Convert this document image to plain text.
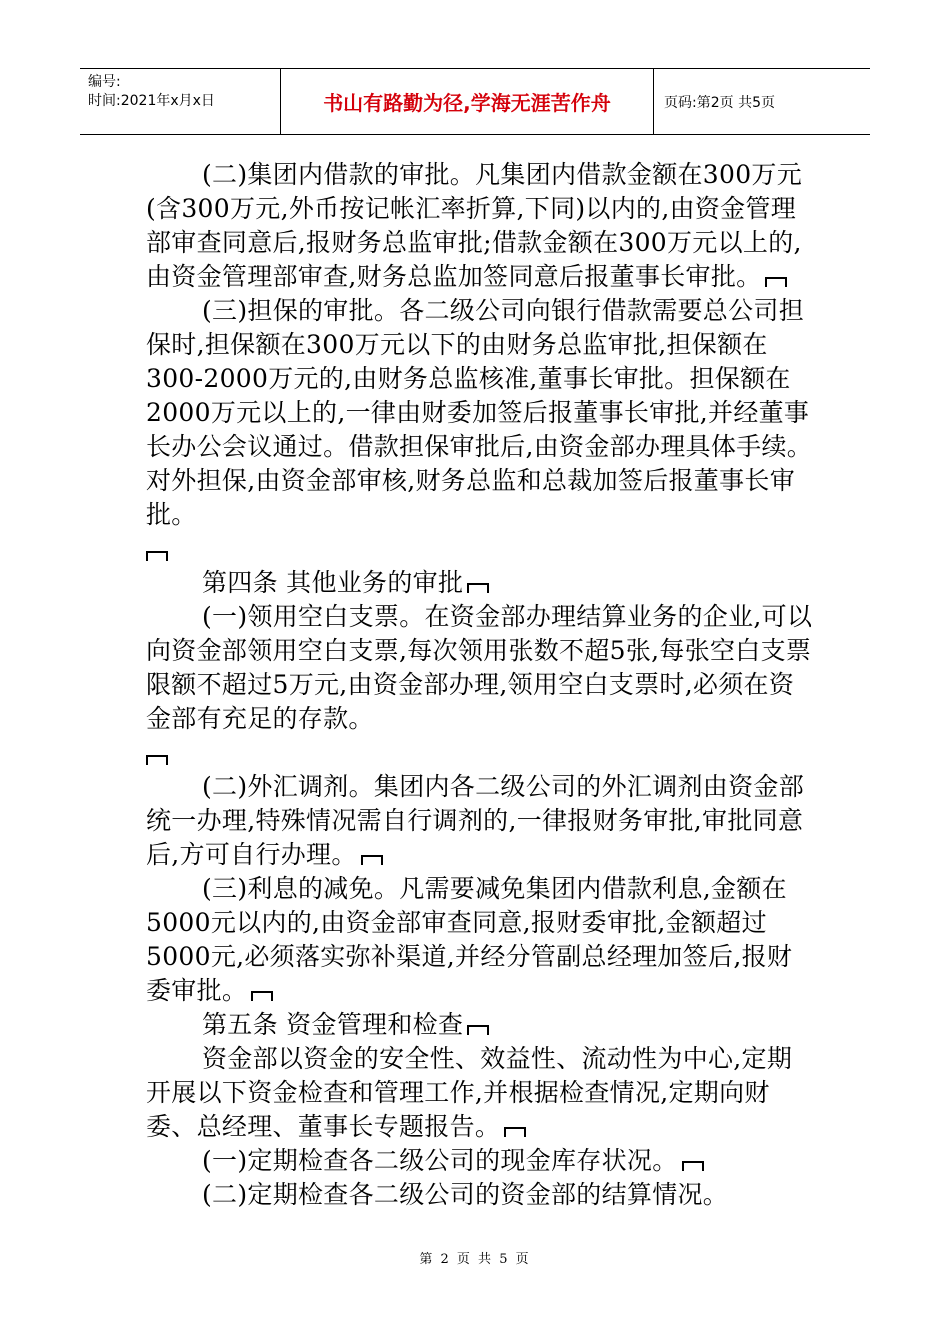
编号:
时间:2021年x月x日	书山有路勤为径,学海无涯苦作舟	页码:第2页 共5页

(二)集团内借款的审批。凡集团内借款金额在300万元(含300万元,外币按记帐汇率折算,下同)以内的,由资金管理部审查同意后,报财务总监审批;借款金额在300万元以上的,由资金管理部审查,财务总监加签同意后报董事长审批。

(三)担保的审批。各二级公司向银行借款需要总公司担保时,担保额在300万元以下的由财务总监审批,担保额在300-2000万元的,由财务总监核准,董事长审批。担保额在2000万元以上的,一律由财委加签后报董事长审批,并经董事长办公会议通过。借款担保审批后,由资金部办理具体手续。对外担保,由资金部审核,财务总监和总裁加签后报董事长审批。

第四条 其他业务的审批

(一)领用空白支票。在资金部办理结算业务的企业,可以向资金部领用空白支票,每次领用张数不超5张,每张空白支票限额不超过5万元,由资金部办理,领用空白支票时,必须在资金部有充足的存款。

(二)外汇调剂。集团内各二级公司的外汇调剂由资金部统一办理,特殊情况需自行调剂的,一律报财务审批,审批同意后,方可自行办理。

(三)利息的减免。凡需要减免集团内借款利息,金额在5000元以内的,由资金部审查同意,报财委审批,金额超过5000元,必须落实弥补渠道,并经分管副总经理加签后,报财委审批。

第五条 资金管理和检查

资金部以资金的安全性、效益性、流动性为中心,定期开展以下资金检查和管理工作,并根据检查情况,定期向财委、总经理、董事长专题报告。

(一)定期检查各二级公司的现金库存状况。

(二)定期检查各二级公司的资金部的结算情况。

第 2 页 共 5 页
